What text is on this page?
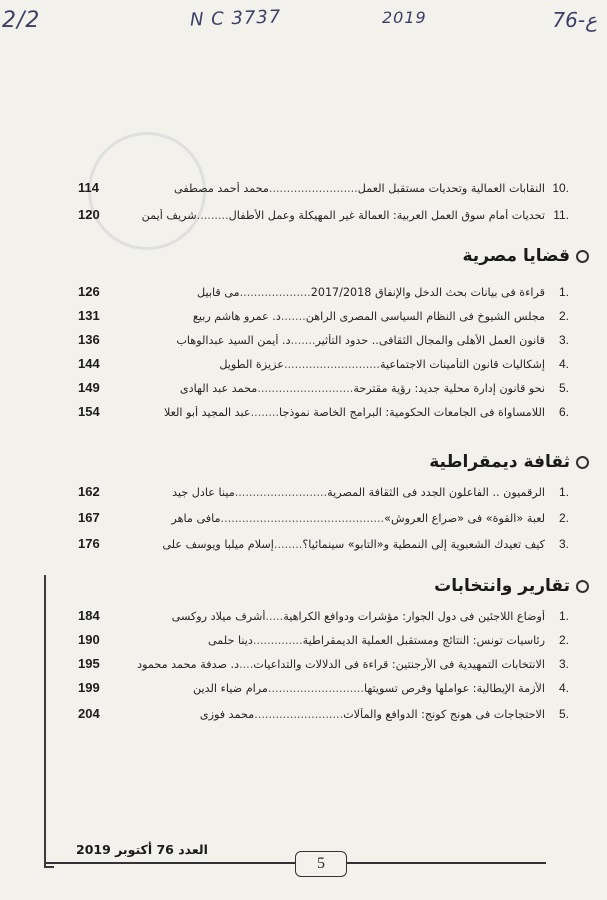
2/2	N C 3737	2019	76-ع
114	النقابات العمالية وتحديات مستقبل العمل.........................محمد أحمد مصطفى	10.
120	تحديات أمام سوق العمل العربية: العمالة غير المهيكلة وعمل الأطفال.........شريف أيمن	11.
قضايا مصرية
126	قراءة فى بيانات بحث الدخل والإنفاق 2017/2018....................مى قابيل	1.
131	مجلس الشيوخ فى النظام السياسى المصرى الراهن.......د. عمرو هاشم ربيع	2.
136	قانون العمل الأهلى والمجال الثقافى.. حدود التأثير.......د. أيمن السيد عبدالوهاب	3.
144	إشكاليات قانون التأمينات الاجتماعية...........................عزيزة الطويل	4.
149	نحو قانون إدارة محلية جديد: رؤية مقترحة...........................محمد عبد الهادى	5.
154	اللامساواة فى الجامعات الحكومية: البرامج الخاصة نموذجا........عبد المجيد أبو العلا	6.
ثقافة ديمقراطية
162	الرقميون .. الفاعلون الجدد فى الثقافة المصرية..........................مينا عادل جيد	1.
167	لعبة «القوة» فى «صراع العروش»..............................................مافى ماهر	2.
176	كيف تعيدك الشعبوية إلى النمطية و«التابو» سينمائيا؟........إسلام ميلبا ويوسف على	3.
تقارير وانتخابات
184	أوضاع اللاجئين فى دول الجوار: مؤشرات ودوافع الكراهية.....أشرف ميلاد روكسى	1.
190	رئاسيات تونس: النتائج ومستقبل العملية الديمقراطية..............دينا حلمى	2.
195	الانتخابات التمهيدية فى الأرجنتين: قراءة فى الدلالات والتداعيات....د. صدفة محمد محمود	3.
199	الأزمة الإيطالية: عواملها وفرص تسويتها...........................مرام ضياء الدين	4.
204	الاحتجاجات فى هونج كونج: الدوافع والمآلات.........................محمد فوزى	5.
5
العدد 76 أكتوبر 2019
